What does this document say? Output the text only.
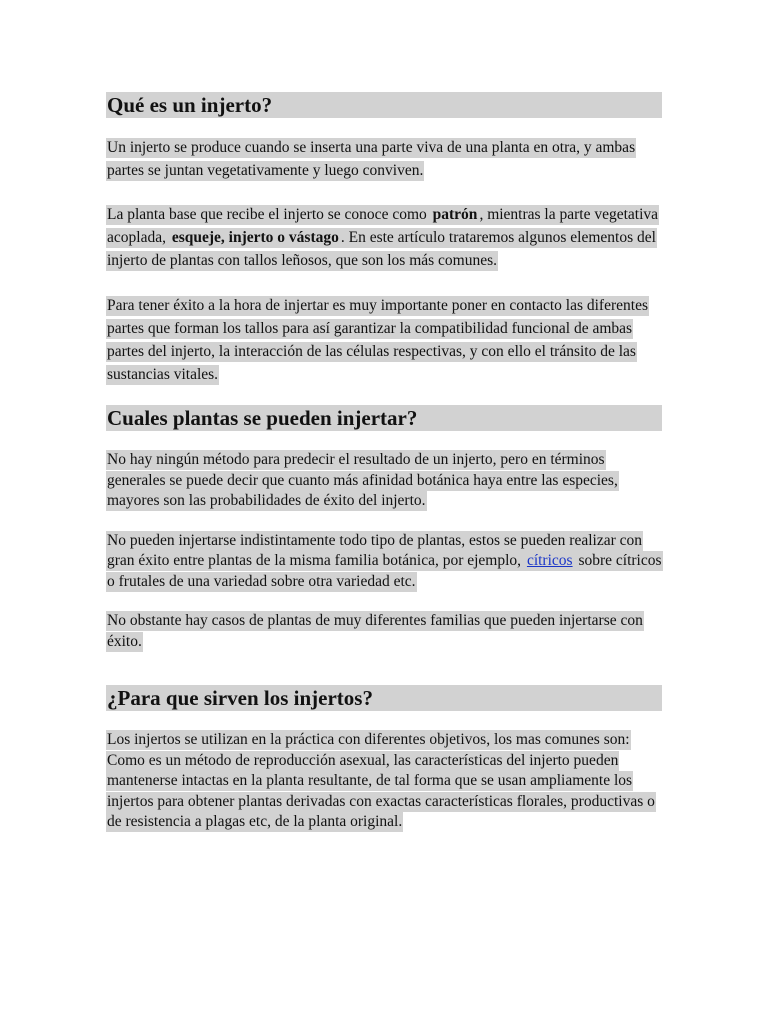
Qué es un injerto?

Un injerto se produce cuando se inserta una parte viva de una planta en otra, y ambas partes se juntan vegetativamente y luego conviven.

La planta base que recibe el injerto se conoce como patrón , mientras la parte vegetativa acoplada, esqueje, injerto o vástago . En este artículo trataremos algunos elementos del injerto de plantas con tallos leñosos, que son los más comunes.

Para tener éxito a la hora de injertar es muy importante poner en contacto las diferentes partes que forman los tallos para así garantizar la compatibilidad funcional de ambas partes del injerto, la interacción de las células respectivas, y con ello el tránsito de las sustancias vitales.

Cuales plantas se pueden injertar?

No hay ningún método para predecir el resultado de un injerto, pero en términos generales se puede decir que cuanto más afinidad botánica haya entre las especies, mayores son las probabilidades de éxito del injerto.

No pueden injertarse indistintamente todo tipo de plantas, estos se pueden realizar con gran éxito entre plantas de la misma familia botánica, por ejemplo, cítricos sobre cítricos o frutales de una variedad sobre otra variedad etc.

No obstante hay casos de plantas de muy diferentes familias que pueden injertarse con éxito.

¿Para que sirven los injertos?

Los injertos se utilizan en la práctica con diferentes objetivos, los mas comunes son:

Como es un método de reproducción asexual, las características del injerto pueden mantenerse intactas en la planta resultante, de tal forma que se usan ampliamente los injertos para obtener plantas derivadas con exactas características florales, productivas o de resistencia a plagas etc, de la planta original.
